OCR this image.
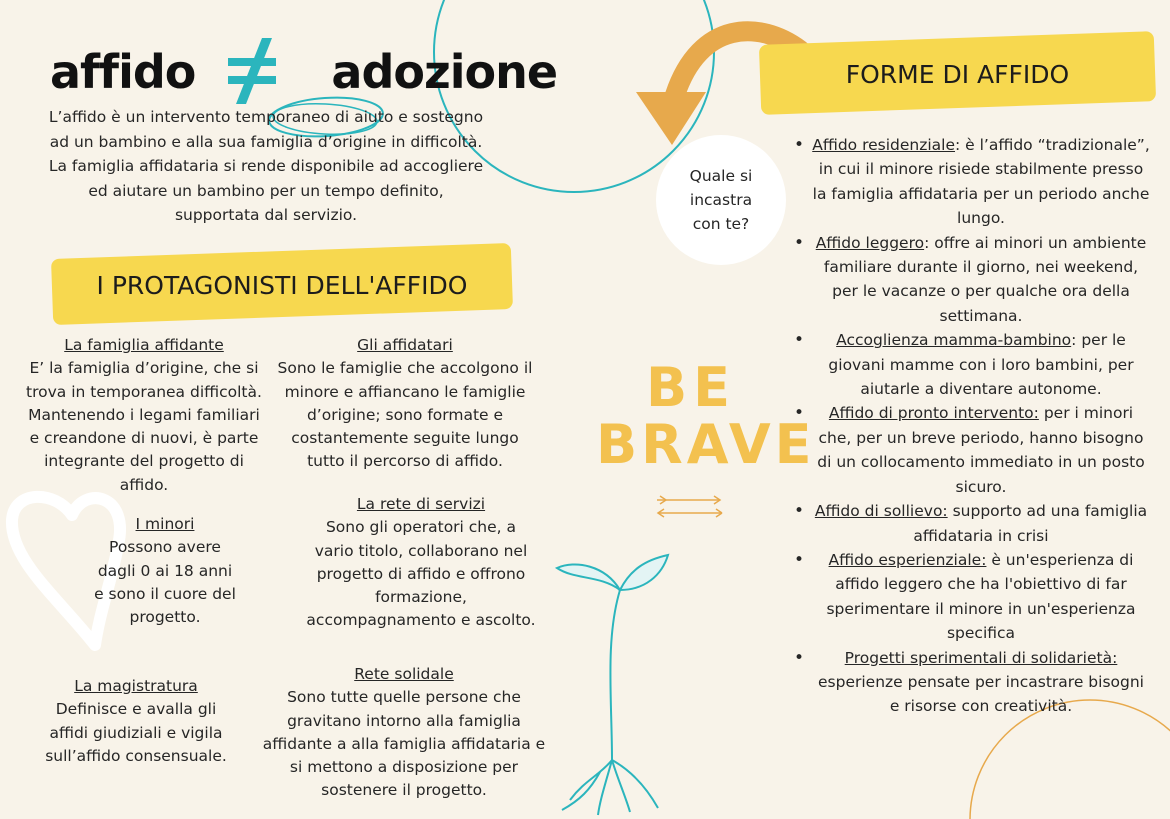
affido	adozione
L’affido è un intervento temporaneo di aiuto e sostegno ad un bambino e alla sua famiglia d’origine in difficoltà. La famiglia affidataria si rende disponibile ad accogliere ed aiutare un bambino per un tempo definito, supportata dal servizio.
I PROTAGONISTI DELL'AFFIDO
La famiglia affidante
E’ la famiglia d’origine, che si trova in temporanea difficoltà. Mantenendo i legami familiari e creandone di nuovi, è parte integrante del progetto di affido.
I minori
Possono avere dagli 0 ai 18 anni e sono il cuore del progetto.
La magistratura
Definisce e avalla gli affidi giudiziali e vigila sull’affido consensuale.
Gli affidatari
Sono le famiglie che accolgono il minore e affiancano le famiglie d’origine; sono formate e costantemente seguite lungo tutto il percorso di affido.
La rete di servizi
Sono gli operatori che, a vario titolo, collaborano nel progetto di affido e offrono formazione, accompagnamento e ascolto.
Rete solidale
Sono tutte quelle persone che gravitano intorno alla famiglia affidante a alla famiglia affidataria e si mettono a disposizione per sostenere il progetto.
Quale si incastra con te?
BE
BRAVE
FORME DI AFFIDO
• Affido residenziale: è l’affido “tradizionale”, in cui il minore risiede stabilmente presso la famiglia affidataria per un periodo anche lungo.
• Affido leggero: offre ai minori un ambiente familiare durante il giorno, nei weekend, per le vacanze o per qualche ora della settimana.
• Accoglienza mamma-bambino: per le giovani mamme con i loro bambini, per aiutarle a diventare autonome.
• Affido di pronto intervento: per i minori che, per un breve periodo, hanno bisogno di un collocamento immediato in un posto sicuro.
• Affido di sollievo: supporto ad una famiglia affidataria in crisi
• Affido esperienziale: è un'esperienza di affido leggero che ha l'obiettivo di far sperimentare il minore in un'esperienza specifica
• Progetti sperimentali di solidarietà: esperienze pensate per incastrare bisogni e risorse con creatività.
